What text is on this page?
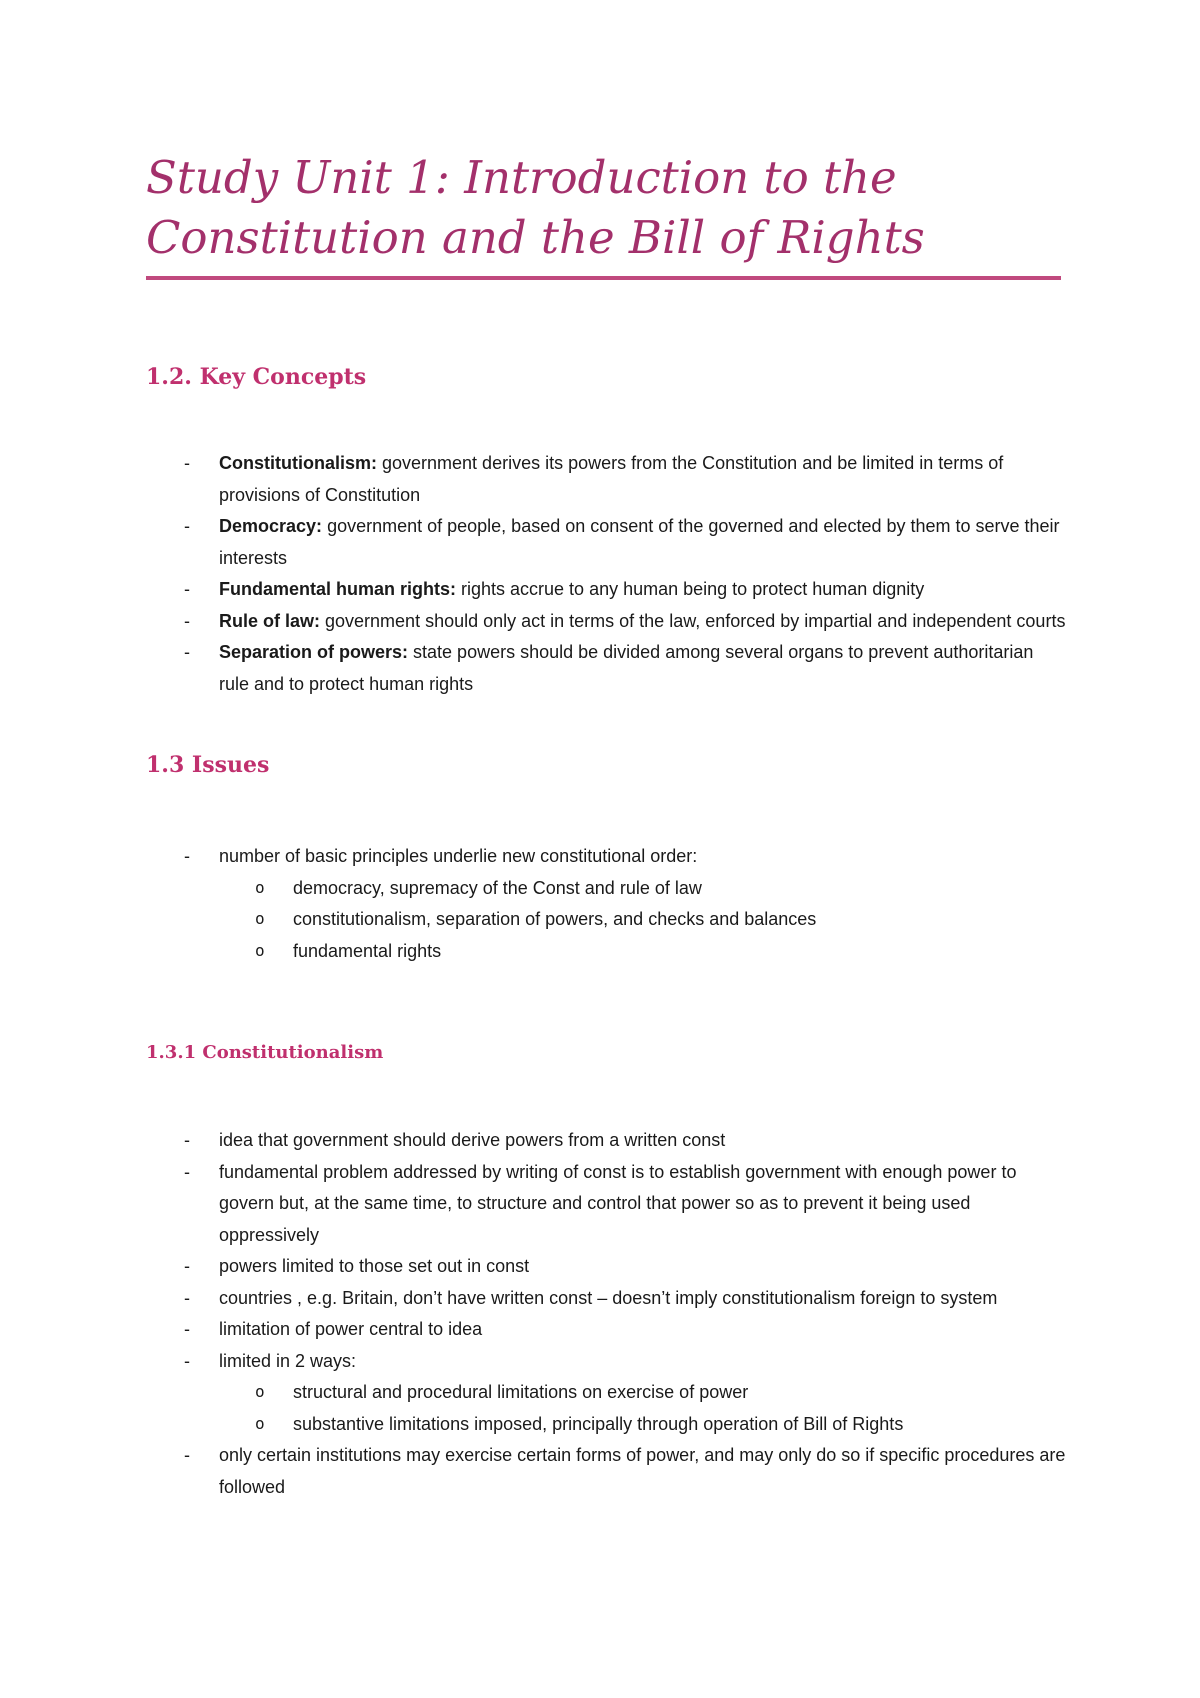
Study Unit 1: Introduction to the Constitution and the Bill of Rights
1.2. Key Concepts
- Constitutionalism: government derives its powers from the Constitution and be limited in terms of provisions of Constitution
- Democracy: government of people, based on consent of the governed and elected by them to serve their interests
- Fundamental human rights: rights accrue to any human being to protect human dignity
- Rule of law: government should only act in terms of the law, enforced by impartial and independent courts
- Separation of powers: state powers should be divided among several organs to prevent authoritarian rule and to protect human rights
1.3 Issues
- number of basic principles underlie new constitutional order:
o democracy, supremacy of the Const and rule of law
o constitutionalism, separation of powers, and checks and balances
o fundamental rights
1.3.1 Constitutionalism
- idea that government should derive powers from a written const
- fundamental problem addressed by writing of const is to establish government with enough power to govern but, at the same time, to structure and control that power so as to prevent it being used oppressively
- powers limited to those set out in const
- countries , e.g. Britain, don’t have written const – doesn’t imply constitutionalism foreign to system
- limitation of power central to idea
- limited in 2 ways:
o structural and procedural limitations on exercise of power
o substantive limitations imposed, principally through operation of Bill of Rights
- only certain institutions may exercise certain forms of power, and may only do so if specific procedures are followed
